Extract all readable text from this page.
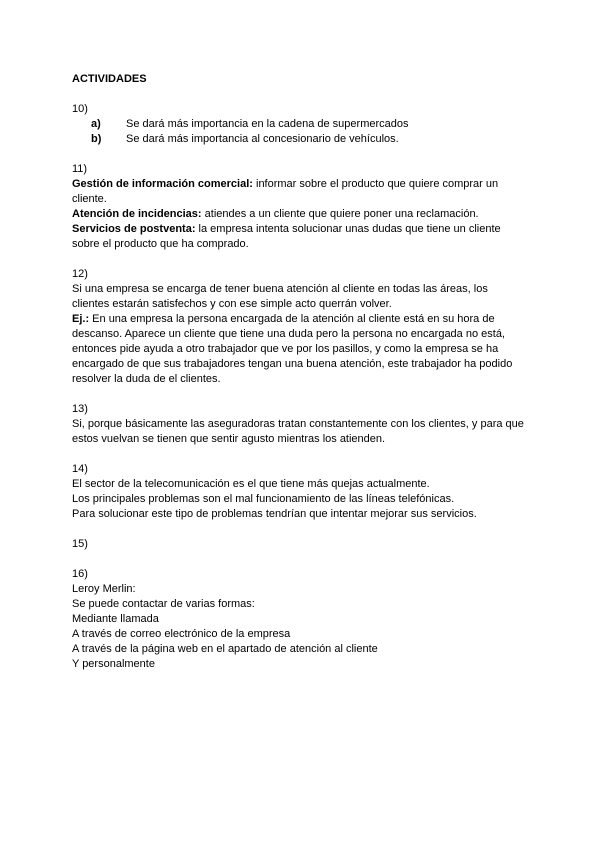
ACTIVIDADES

10)

a) Se dará más importancia en la cadena de supermercados
b) Se dará más importancia al concesionario de vehículos.

11)

Gestión de información comercial: informar sobre el producto que quiere comprar un cliente.

Atención de incidencias: atiendes a un cliente que quiere poner una reclamación.

Servicios de postventa: la empresa intenta solucionar unas dudas que tiene un cliente sobre el producto que ha comprado.

12)

Si una empresa se encarga de tener buena atención al cliente en todas las áreas, los clientes estarán satisfechos y con ese simple acto querrán volver.

Ej.: En una empresa la persona encargada de la atención al cliente está en su hora de descanso. Aparece un cliente que tiene una duda pero la persona no encargada no está, entonces pide ayuda a otro trabajador que ve por los pasillos, y como la empresa se ha encargado de que sus trabajadores tengan una buena atención, este trabajador ha podido resolver la duda de el clientes.

13)

Si, porque básicamente las aseguradoras tratan constantemente con los clientes, y para que estos vuelvan se tienen que sentir agusto mientras los atienden.

14)

El sector de la telecomunicación es el que tiene más quejas actualmente.

Los principales problemas son el mal funcionamiento de las líneas telefónicas.

Para solucionar este tipo de problemas tendrían que intentar mejorar sus servicios.

15)

16)

Leroy Merlin:

Se puede contactar de varias formas:

Mediante llamada

A través de correo electrónico de la empresa

A través de la página web en el apartado de atención al cliente

Y personalmente
